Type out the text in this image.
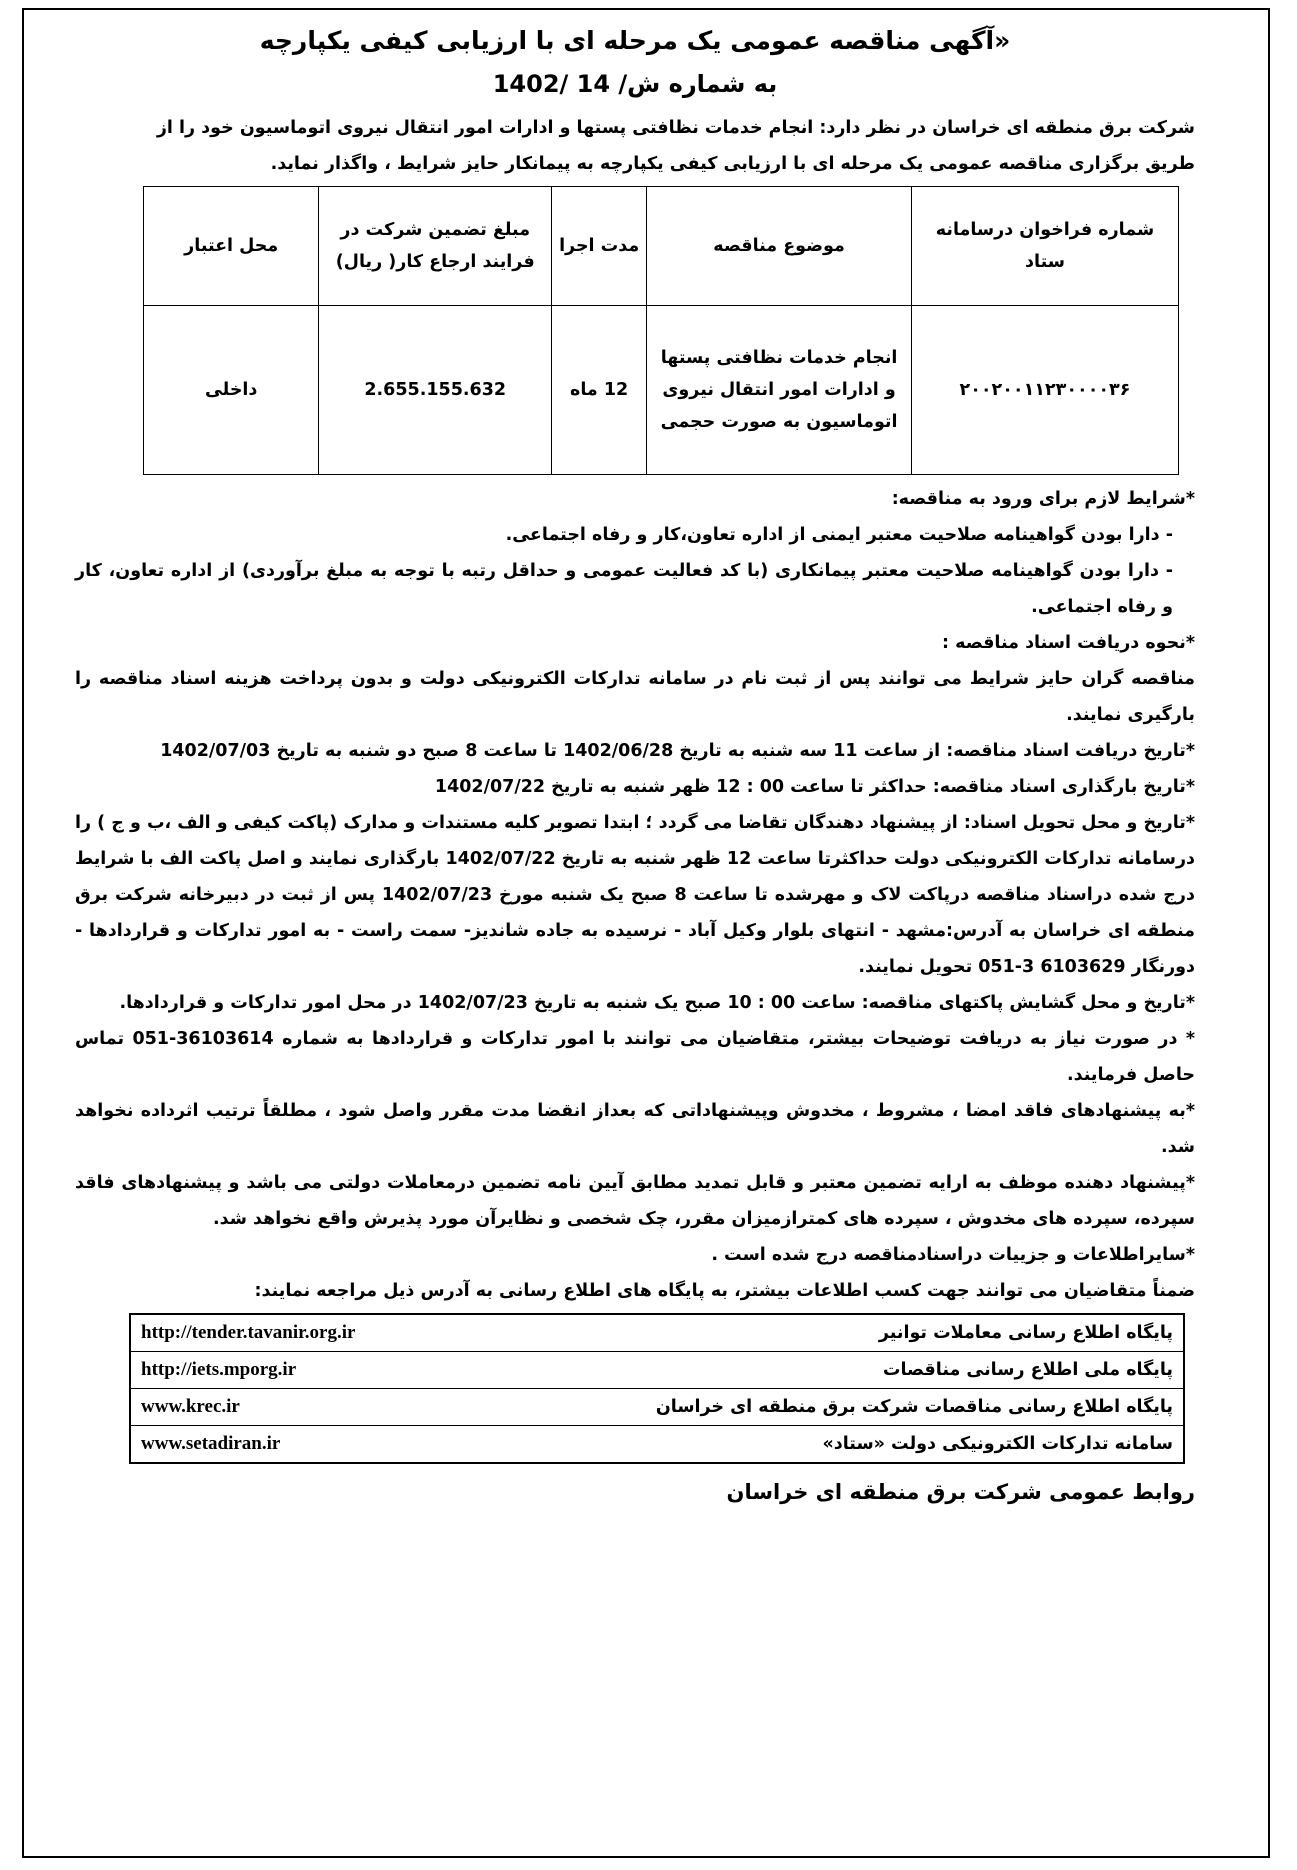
«آگهی مناقصه عمومی یک مرحله ای با ارزیابی کیفی یکپارچه
به شماره ش/ 14 /1402

شرکت برق منطقه ای خراسان در نظر دارد: انجام خدمات نظافتی پستها و ادارات امور انتقال نیروی اتوماسیون خود را از

طریق برگزاری مناقصه عمومی یک مرحله ای با ارزیابی کیفی یکپارچه به پیمانکار حایز شرایط ، واگذار نماید.

شماره فراخوان درسامانه ستاد	موضوع مناقصه	مدت اجرا	مبلغ تضمین شرکت در فرایند ارجاع کار( ریال)	محل اعتبار
۲۰۰۲۰۰۱۱۲۳۰۰۰۰۳۶	انجام خدمات نظافتی پستها و ادارات امور انتقال نیروی اتوماسیون به صورت حجمی	12 ماه	2.655.155.632	داخلی

*شرایط لازم برای ورود به مناقصه:

- دارا بودن گواهینامه صلاحیت معتبر ایمنی از اداره تعاون،کار و رفاه اجتماعی.

- دارا بودن گواهینامه صلاحیت معتبر پیمانکاری (با کد فعالیت عمومی و حداقل رتبه با توجه به مبلغ برآوردی) از اداره تعاون، کار و رفاه اجتماعی.

*نحوه دریافت اسناد مناقصه :

مناقصه گران حایز شرایط می توانند پس از ثبت نام در سامانه تدارکات الکترونیکی دولت و بدون پرداخت هزینه اسناد مناقصه را بارگیری نمایند.

*تاریخ دریافت اسناد مناقصه: از ساعت 11 سه شنبه به تاریخ 1402/06/28 تا ساعت 8 صبح دو شنبه به تاریخ 1402/07/03

*تاریخ بارگذاری اسناد مناقصه: حداکثر تا ساعت 00 : 12 ظهر شنبه به تاریخ 1402/07/22

*تاریخ و محل تحویل اسناد: از پیشنهاد دهندگان تقاضا می گردد ؛ ابتدا تصویر کلیه مستندات و مدارک (پاکت کیفی و الف ،ب و ج ) را درسامانه تدارکات الکترونیکی دولت حداکثرتا ساعت 12 ظهر شنبه به تاریخ 1402/07/22 بارگذاری نمایند و اصل پاکت الف با شرایط درج شده دراسناد مناقصه درپاکت لاک و مهرشده تا ساعت 8 صبح یک شنبه مورخ 1402/07/23 پس از ثبت در دبیرخانه شرکت برق منطقه ای خراسان به آدرس:مشهد - انتهای بلوار وکیل آباد - نرسیده به جاده شاندیز- سمت راست - به امور تدارکات و قراردادها - دورنگار 6103629 3-051 تحویل نمایند.

*تاریخ و محل گشایش پاکتهای مناقصه: ساعت 00 : 10 صبح یک شنبه به تاریخ 1402/07/23 در محل امور تدارکات و قراردادها.

* در صورت نیاز به دریافت توضیحات بیشتر، متقاضیان می توانند با امور تدارکات و قراردادها به شماره 36103614-051 تماس حاصل فرمایند.

*به پیشنهادهای فاقد امضا ، مشروط ، مخدوش وپیشنهاداتی که بعداز انقضا مدت مقرر واصل شود ، مطلقاً ترتیب اثرداده نخواهد شد.

*پیشنهاد دهنده موظف به ارایه تضمین معتبر و قابل تمدید مطابق آیین نامه تضمین درمعاملات دولتی می باشد و پیشنهادهای فاقد سپرده، سپرده های مخدوش ، سپرده های کمترازمیزان مقرر، چک شخصی و نظایرآن مورد پذیرش واقع نخواهد شد.

*سایراطلاعات و جزییات دراسنادمناقصه درج شده است .

ضمناً متقاضیان می توانند جهت کسب اطلاعات بیشتر، به پایگاه های اطلاع رسانی به آدرس ذیل مراجعه نمایند:

پایگاه اطلاع رسانی معاملات توانیر	http://tender.tavanir.org.ir
پایگاه ملی اطلاع رسانی مناقصات	http://iets.mporg.ir
پایگاه اطلاع رسانی مناقصات شرکت برق منطقه ای خراسان	www.krec.ir
سامانه تدارکات الکترونیکی دولت «ستاد»	www.setadiran.ir
روابط عمومی شرکت برق منطقه ای خراسان
